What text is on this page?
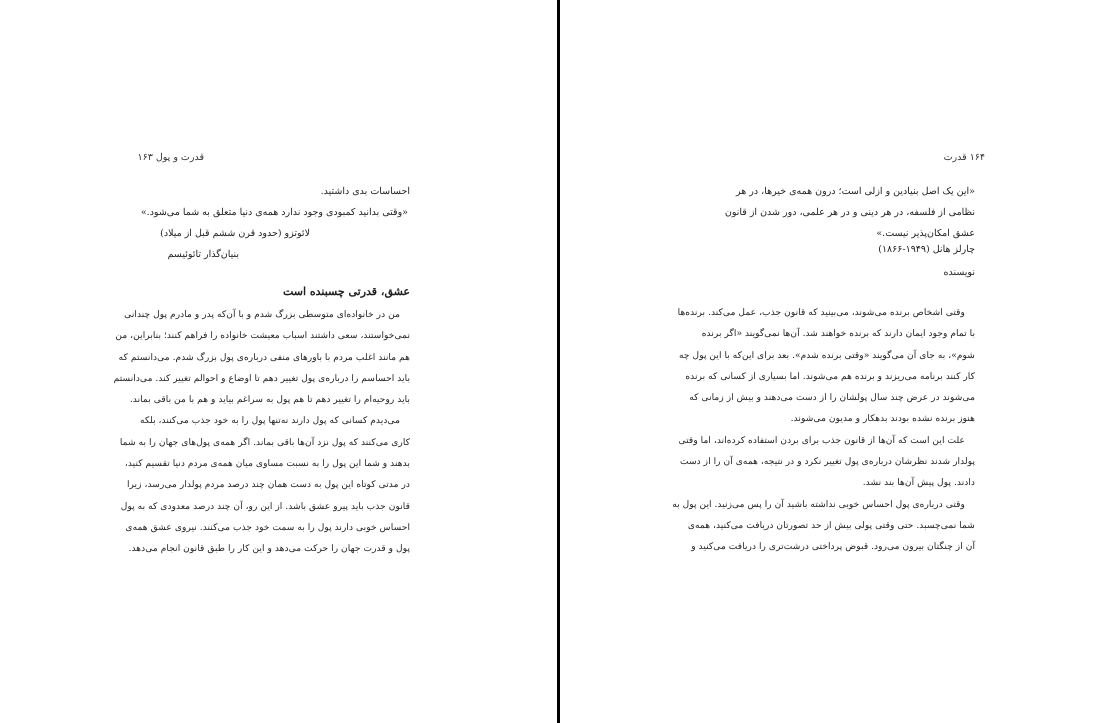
قدرت و پول ۱۶۳
احساسات بدی داشتید.
«وقتی بدانید کمبودی وجود ندارد همه‌ی دنیا متعلق به شما می‌شود.»
لائوتزو (حدود قرن ششم قبل از میلاد)
بنیان‌گذار تائوئیسم
عشق، قدرتی چسبنده است
من در خانواده‌ای متوسطی بزرگ شدم و با آن‌که پدر و مادرم پول چندانی
نمی‌خواستند، سعی داشتند اسباب معیشت خانواده را فراهم کنند؛ بنابراین، من
هم مانند اغلب مردم با باورهای منفی درباره‌ی پول بزرگ شدم. می‌دانستم که
باید احساسم را درباره‌ی پول تغییر دهم تا اوضاع و احوالم تغییر کند. می‌دانستم
باید روحیه‌ام را تغییر دهم تا هم پول به سراغم بیاید و هم با من باقی بماند.
می‌دیدم کسانی که پول دارند نه‌تنها پول را به خود جذب می‌کنند، بلکه
کاری می‌کنند که پول نزد آن‌ها باقی بماند. اگر همه‌ی پول‌های جهان را به شما
بدهند و شما این پول را به نسبت مساوی میان همه‌ی مردم دنیا تقسیم کنید،
در مدتی کوتاه این پول به دست همان چند درصد مردم پولدار می‌رسد، زیرا
قانون جذب باید پیرو عشق باشد. از این رو، آن چند درصد معدودی که به پول
احساس خوبی دارند پول را به سمت خود جذب می‌کنند. نیروی عشق همه‌ی
پول و قدرت جهان را حرکت می‌دهد و این کار را طبق قانون انجام می‌دهد.
۱۶۴ قدرت
«این یک اصل بنیادین و ازلی است؛ درون همه‌ی خیرها، در هر
نظامی از فلسفه، در هر دینی و در هر علمی، دور شدن از قانون
عشق امکان‌پذیر نیست.»
چارلز هانل (۱۹۴۹-۱۸۶۶)
نویسنده
وقتی اشخاص برنده می‌شوند، می‌بینید که قانون جذب، عمل می‌کند. برنده‌ها
با تمام وجود ایمان دارند که برنده خواهند شد. آن‌ها نمی‌گویند «اگر برنده
شوم»، به جای آن می‌گویند «وقتی برنده شدم». بعد برای این‌که با این پول چه
کار کنند برنامه می‌ریزند و برنده هم می‌شوند. اما بسیاری از کسانی که برنده
می‌شوند در عرض چند سال پولشان را از دست می‌دهند و بیش از زمانی که
هنوز برنده نشده بودند بدهکار و مدیون می‌شوند.
علت این است که آن‌ها از قانون جذب برای بردن استفاده کرده‌اند، اما وقتی
پولدار شدند نظرشان درباره‌ی پول تغییر نکرد و در نتیجه، همه‌ی آن را از دست
دادند. پول پیش آن‌ها بند نشد.
وقتی درباره‌ی پول احساس خوبی نداشته باشید آن را پس می‌زنید. این پول به
شما نمی‌چسبد. حتی وقتی پولی بیش از حد تصورتان دریافت می‌کنید، همه‌ی
آن از چنگتان بیرون می‌رود. قبوض پرداختی درشت‌تری را دریافت می‌کنید و
